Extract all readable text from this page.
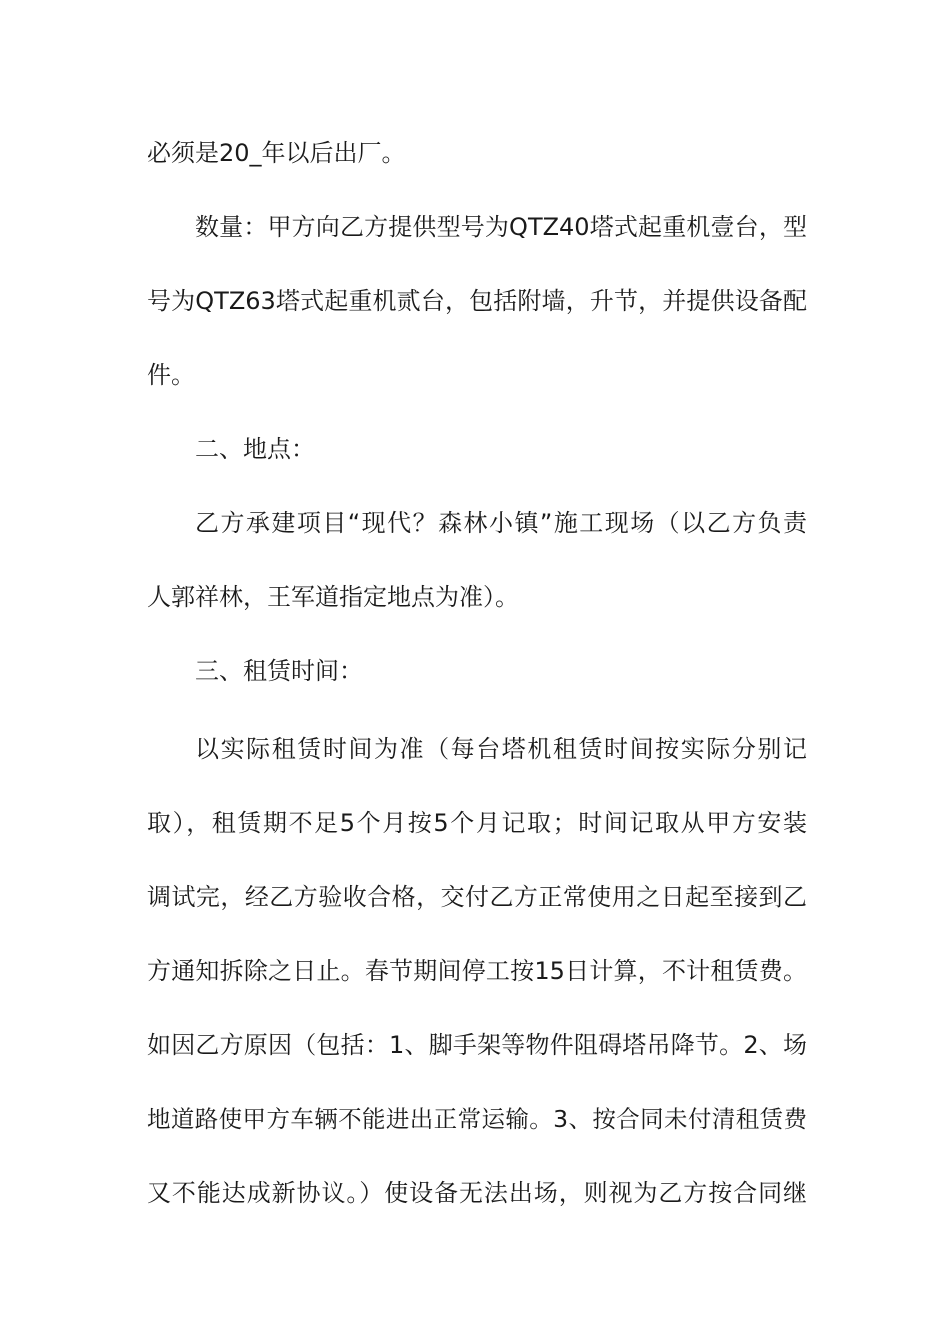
必须是20_年以后出厂。
数量：甲方向乙方提供型号为QTZ40塔式起重机壹台，型
号为QTZ63塔式起重机贰台，包括附墙，升节，并提供设备配
件。
二、地点：
乙方承建项目“现代？森林小镇”施工现场（以乙方负责
人郭祥林，王军道指定地点为准）。
三、租赁时间：
以实际租赁时间为准（每台塔机租赁时间按实际分别记
取），租赁期不足5个月按5个月记取；时间记取从甲方安装
调试完，经乙方验收合格，交付乙方正常使用之日起至接到乙
方通知拆除之日止。春节期间停工按15日计算，不计租赁费。
如因乙方原因（包括：1、脚手架等物件阻碍塔吊降节。2、场
地道路使甲方车辆不能进出正常运输。3、按合同未付清租赁费
又不能达成新协议。）使设备无法出场，则视为乙方按合同继
